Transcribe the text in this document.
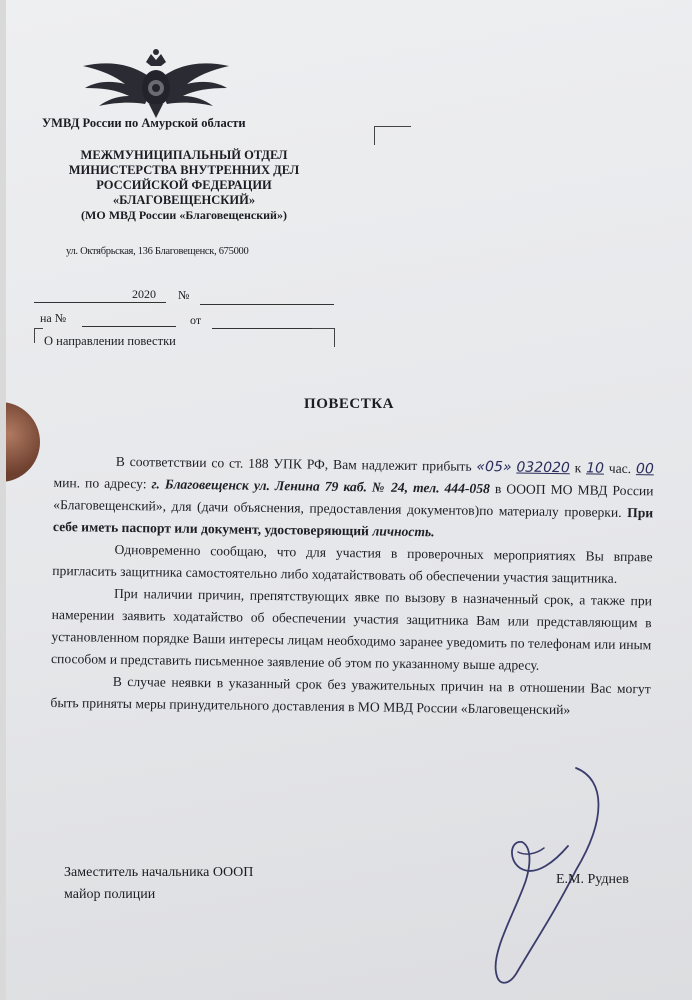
УМВД России по Амурской области
МЕЖМУНИЦИПАЛЬНЫЙ ОТДЕЛ
МИНИСТЕРСТВА ВНУТРЕННИХ ДЕЛ
РОССИЙСКОЙ ФЕДЕРАЦИИ
«БЛАГОВЕЩЕНСКИЙ»
(МО МВД России «Благовещенский»)
ул. Октябрьская, 136 Благовещенск, 675000
2020 №
на №	от
О направлении повестки
ПОВЕСТКА

В соответствии со ст. 188 УПК РФ, Вам надлежит прибыть «05» 032020 к 10 час. 00 мин. по адресу: г. Благовещенск ул. Ленина 79 каб. № 24, тел. 444-058 в ОООП МО МВД России «Благовещенский», для (дачи объяснения, предоставления документов)по материалу проверки. При себе иметь паспорт или документ, удостоверяющий личность.

Одновременно сообщаю, что для участия в проверочных мероприятиях Вы вправе пригласить защитника самостоятельно либо ходатайствовать об обеспечении участия защитника.

При наличии причин, препятствующих явке по вызову в назначенный срок, а также при намерении заявить ходатайство об обеспечении участия защитника Вам или представляющим в установленном порядке Ваши интересы лицам необходимо заранее уведомить по телефонам или иным способом и представить письменное заявление об этом по указанному выше адресу.

В случае неявки в указанный срок без уважительных причин на в отношении Вас могут быть приняты меры принудительного доставления в МО МВД России «Благовещенский»

Заместитель начальника ОООП
майор полиции
Е.М. Руднев
